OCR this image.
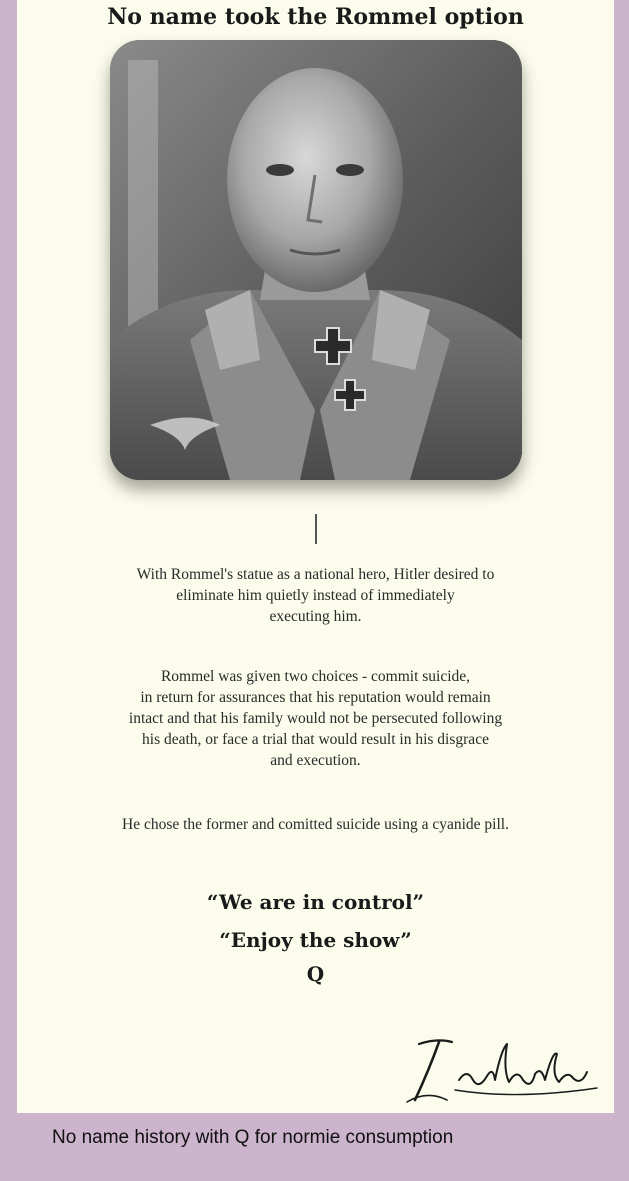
No name took the Rommel option

With Rommel's statue as a national hero, Hitler desired to
eliminate him quietly instead of immediately
executing him.

Rommel was given two choices - commit suicide,
in return for assurances that his reputation would remain
intact and that his family would not be persecuted following
his death, or face a trial that would result in his disgrace
and execution.

He chose the former and comitted suicide using a cyanide pill.

“We are in control”

“Enjoy the show”

Q

No name history with Q for normie consumption
